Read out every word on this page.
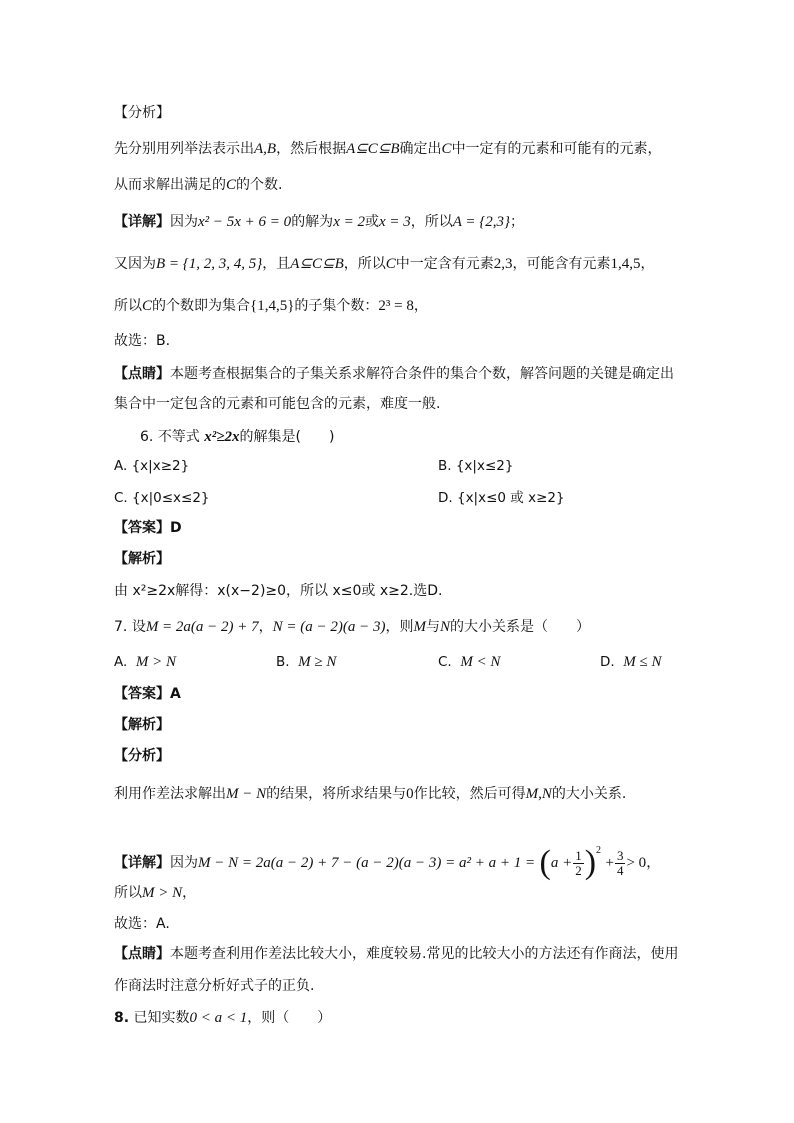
【分析】
先分别用列举法表示出A,B，然后根据A⊆C⊆B确定出C中一定有的元素和可能有的元素，
从而求解出满足的C的个数.
【详解】因为x² − 5x + 6 = 0的解为x = 2或x = 3，所以A = {2,3}；
又因为B = {1, 2, 3, 4, 5}，且A⊆C⊆B，所以C中一定含有元素2,3，可能含有元素1,4,5，
所以C的个数即为集合{1,4,5}的子集个数：2³ = 8，
故选：B.
【点睛】本题考查根据集合的子集关系求解符合条件的集合个数，解答问题的关键是确定出
集合中一定包含的元素和可能包含的元素，难度一般.
6. 不等式 x²≥2x的解集是(　　)
A. {x|x≥2}	B. {x|x≤2}
C. {x|0≤x≤2}	D. {x|x≤0 或 x≥2}
【答案】D
【解析】
由 x²≥2x解得：x(x−2)≥0，所以 x≤0或 x≥2.选D.
7. 设M = 2a(a − 2) + 7，N = (a − 2)(a − 3)，则M与N的大小关系是（　　）
A. M > N	B. M ≥ N	C. M < N	D. M ≤ N
【答案】A
【解析】
【分析】
利用作差法求解出M − N的结果，将所求结果与0作比较，然后可得M,N的大小关系.
【详解】因为$M - N = 2a(a - 2) + 7 - (a - 2)(a - 3) = a^2 + a + 1 = (a + \frac{1}{2} )^2 + \frac{3}{4} > 0$，
所以M > N，
故选：A.
【点睛】本题考查利用作差法比较大小，难度较易.常见的比较大小的方法还有作商法，使用
作商法时注意分析好式子的正负.
8. 已知实数0 < a < 1，则（　　）
